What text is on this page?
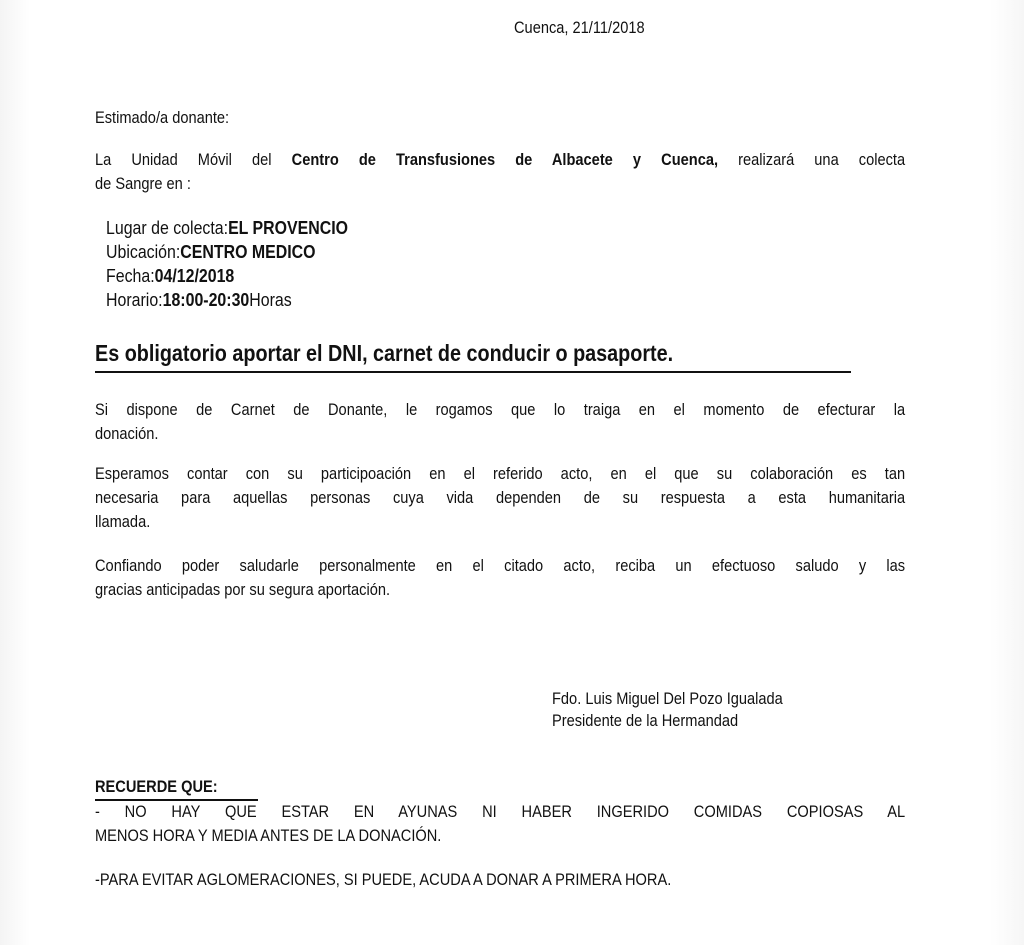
Cuenca, 21/11/2018
Estimado/a donante:
La Unidad Móvil del Centro de Transfusiones de Albacete y Cuenca, realizará una colecta
de Sangre en :
Lugar de colecta:EL PROVENCIO
Ubicación:CENTRO MEDICO
Fecha:04/12/2018
Horario:18:00-20:30Horas
Es obligatorio aportar el DNI, carnet de conducir o pasaporte.
Si dispone de Carnet de Donante, le rogamos que lo traiga en el momento de efecturar la
donación.
Esperamos contar con su participoación en el referido acto, en el que su colaboración es tan
necesaria para aquellas personas cuya vida dependen de su respuesta a esta humanitaria
llamada.
Confiando poder saludarle personalmente en el citado acto, reciba un efectuoso saludo y las
gracias anticipadas por su segura aportación.
Fdo. Luis Miguel Del Pozo Igualada
Presidente de la Hermandad
RECUERDE QUE:
- NO HAY QUE ESTAR EN AYUNAS NI HABER INGERIDO COMIDAS COPIOSAS AL
MENOS HORA Y MEDIA ANTES DE LA DONACIÓN.
-PARA EVITAR AGLOMERACIONES, SI PUEDE, ACUDA A DONAR A PRIMERA HORA.
